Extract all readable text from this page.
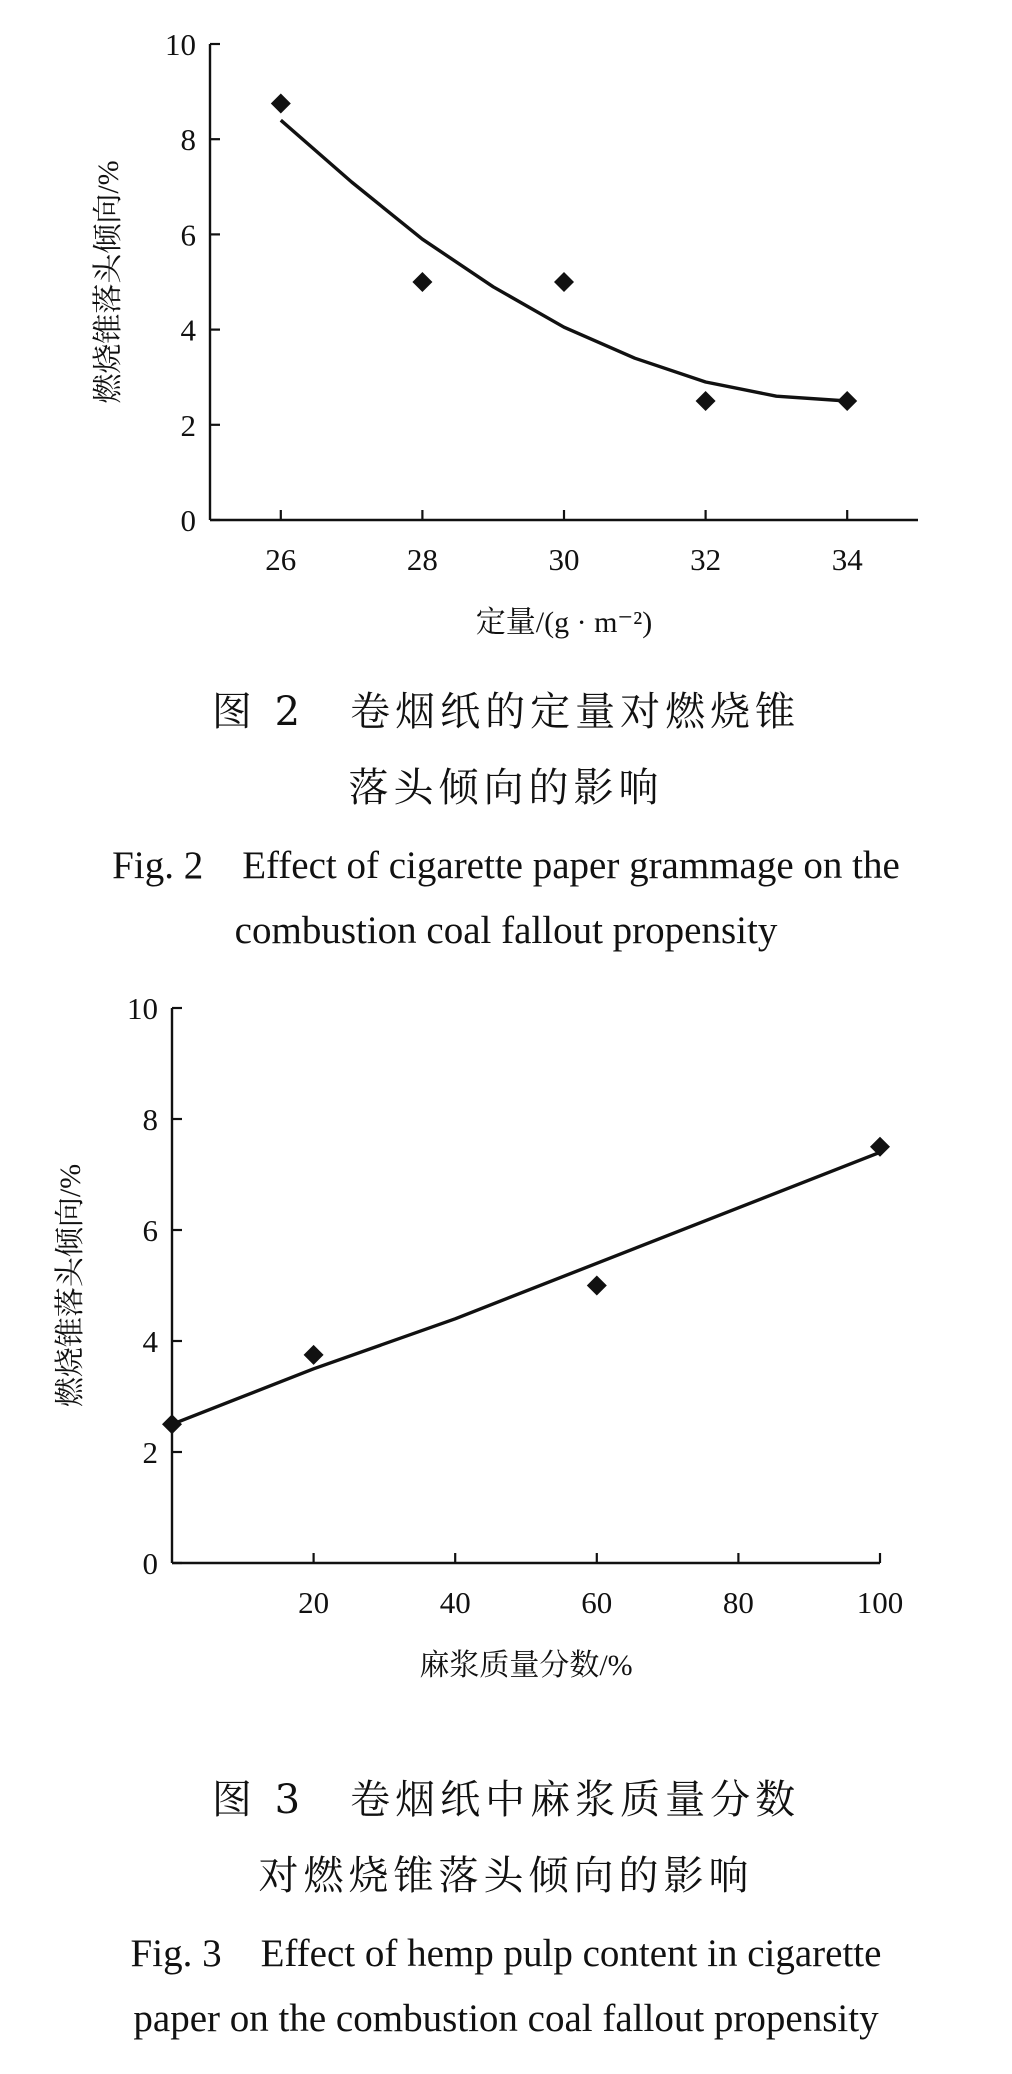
0
2
4
6
8
10
26	28	30	32	34
定量/(g · m⁻²)
燃烧锥落头倾向/%
图 2　卷烟纸的定量对燃烧锥
落头倾向的影响
Fig. 2　Effect of cigarette paper grammage on the
combustion coal fallout propensity
0
2
4
6
8
10
20	40	60	80	100
麻浆质量分数/%
燃烧锥落头倾向/%
图 3　卷烟纸中麻浆质量分数
对燃烧锥落头倾向的影响
Fig. 3　Effect of hemp pulp content in cigarette
paper on the combustion coal fallout propensity
